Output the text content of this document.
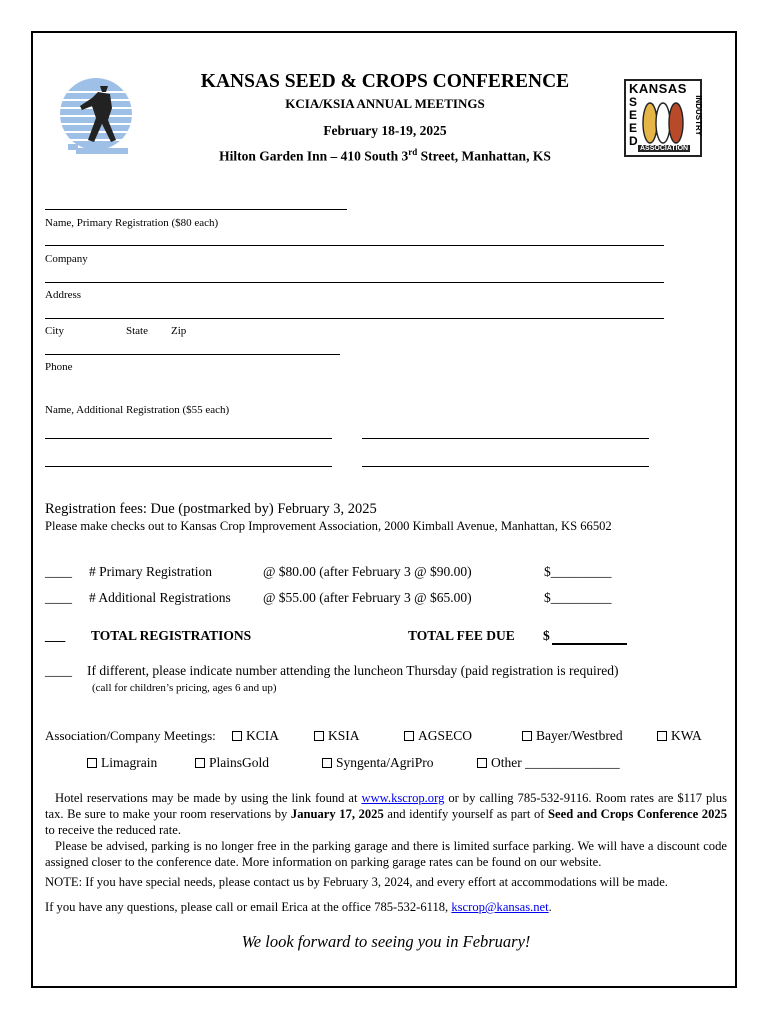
KANSAS
S
E
E
D
INDUSTRY
ASSOCIATION
KANSAS SEED & CROPS CONFERENCE
KCIA/KSIA ANNUAL MEETINGS
February 18-19, 2025
Hilton Garden Inn – 410 South 3rd Street, Manhattan, KS
Name, Primary Registration ($80 each)
Company
Address
City	State Zip
Phone
Name, Additional Registration ($55 each)
Registration fees: Due (postmarked by) February 3, 2025
Please make checks out to Kansas Crop Improvement Association, 2000 Kimball Avenue, Manhattan, KS 66502
____ # Primary Registration	@ $80.00 (after February 3 @ $90.00)	$_________
____ # Additional Registrations @ $55.00 (after February 3 @ $65.00)	$_________
___ TOTAL REGISTRATIONS	TOTAL FEE DUE $
____ If different, please indicate number attending the luncheon Thursday (paid registration is required)
(call for children’s pricing, ages 6 and up)
Association/Company Meetings:	KCIA	KSIA	AGSECO	Bayer/Westbred	KWA
Limagrain	PlainsGold	Syngenta/AgriPro	Other ______________
Hotel reservations may be made by using the link found at www.kscrop.org or by calling 785-532-9116. Room rates are $117 plus tax. Be sure to make your room reservations by January 17, 2025 and identify yourself as part of Seed and Crops Conference 2025 to receive the reduced rate.
Please be advised, parking is no longer free in the parking garage and there is limited surface parking. We will have a discount code assigned closer to the conference date. More information on parking garage rates can be found on our website.
NOTE: If you have special needs, please contact us by February 3, 2024, and every effort at accommodations will be made.
If you have any questions, please call or email Erica at the office 785-532-6118, kscrop@kansas.net.
We look forward to seeing you in February!
